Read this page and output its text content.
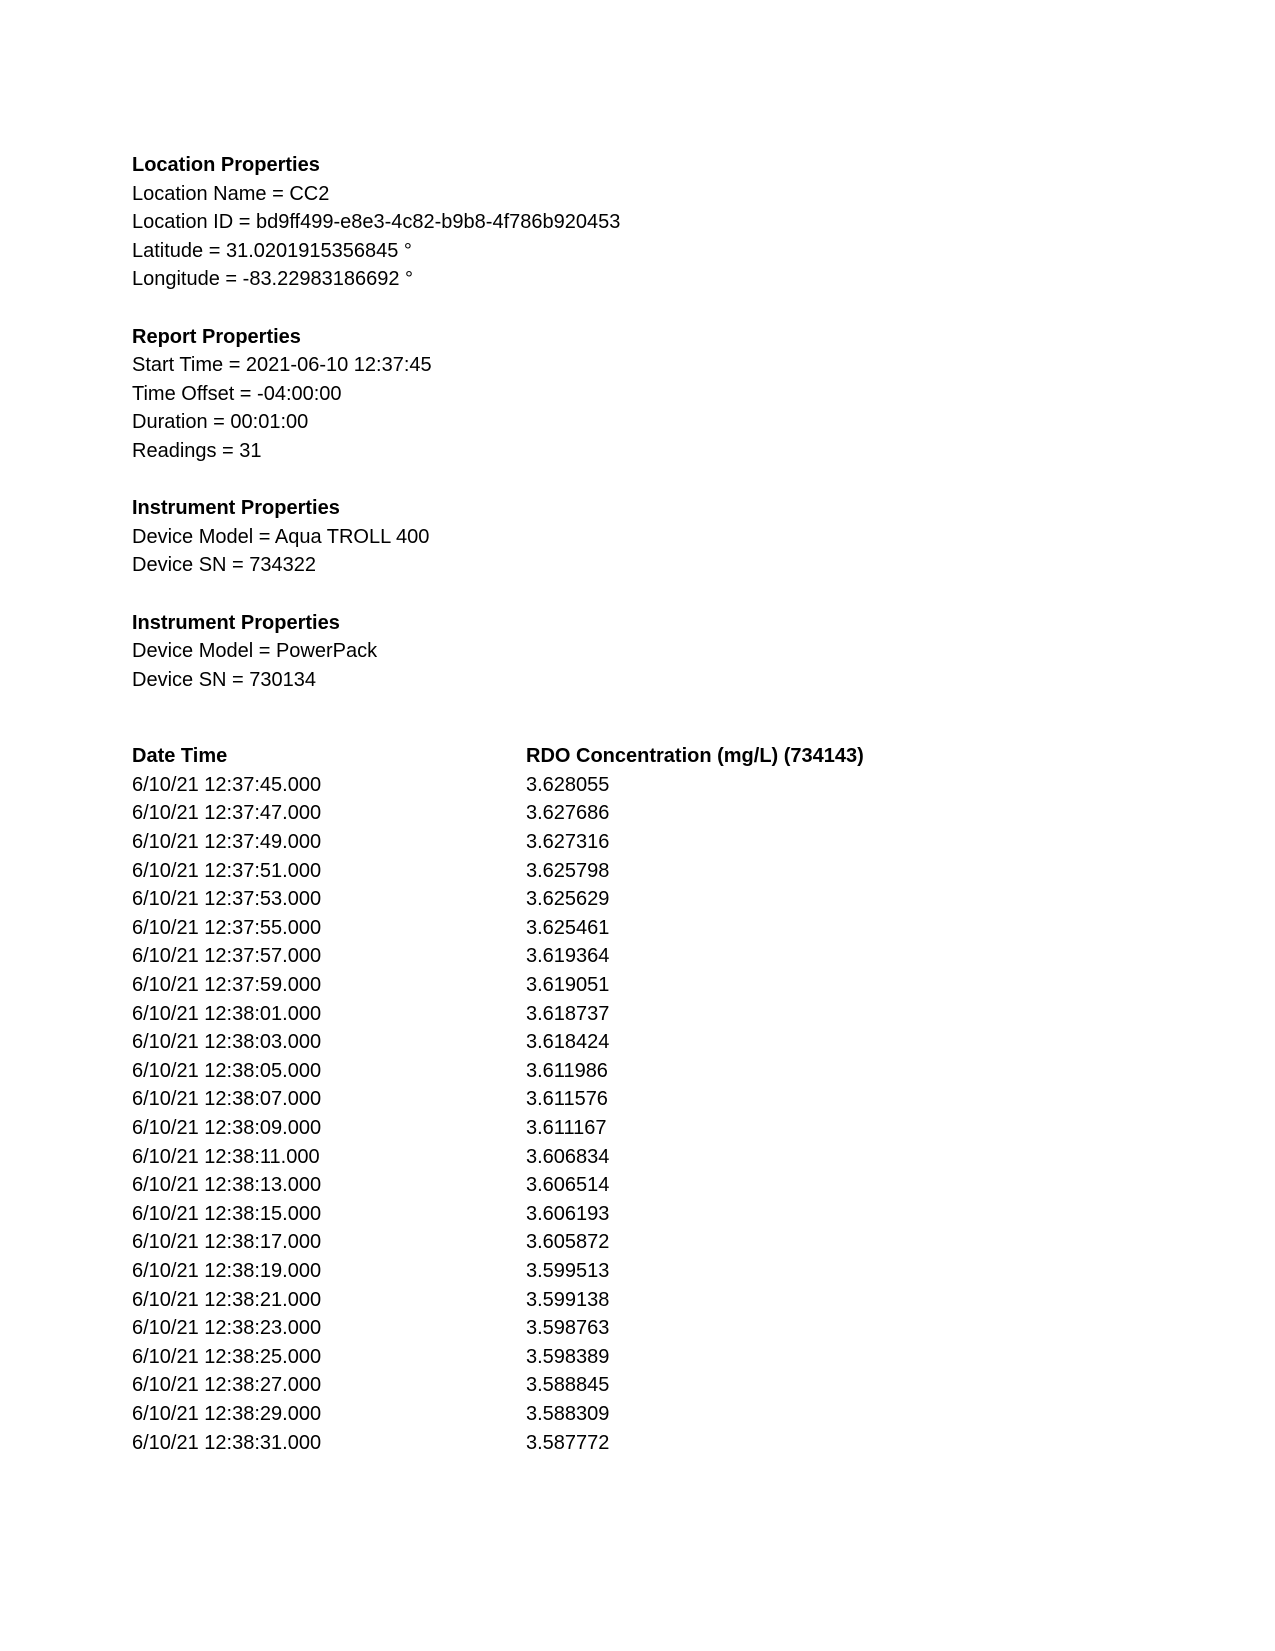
Location Properties
Location Name = CC2
Location ID = bd9ff499-e8e3-4c82-b9b8-4f786b920453
Latitude = 31.0201915356845 °
Longitude = -83.22983186692 °
Report Properties
Start Time = 2021-06-10 12:37:45
Time Offset = -04:00:00
Duration = 00:01:00
Readings = 31
Instrument Properties
Device Model = Aqua TROLL 400
Device SN = 734322
Instrument Properties
Device Model = PowerPack
Device SN = 730134
Date Time	RDO Concentration (mg/L) (734143)
6/10/21 12:37:45.000	3.628055
6/10/21 12:37:47.000	3.627686
6/10/21 12:37:49.000	3.627316
6/10/21 12:37:51.000	3.625798
6/10/21 12:37:53.000	3.625629
6/10/21 12:37:55.000	3.625461
6/10/21 12:37:57.000	3.619364
6/10/21 12:37:59.000	3.619051
6/10/21 12:38:01.000	3.618737
6/10/21 12:38:03.000	3.618424
6/10/21 12:38:05.000	3.611986
6/10/21 12:38:07.000	3.611576
6/10/21 12:38:09.000	3.611167
6/10/21 12:38:11.000	3.606834
6/10/21 12:38:13.000	3.606514
6/10/21 12:38:15.000	3.606193
6/10/21 12:38:17.000	3.605872
6/10/21 12:38:19.000	3.599513
6/10/21 12:38:21.000	3.599138
6/10/21 12:38:23.000	3.598763
6/10/21 12:38:25.000	3.598389
6/10/21 12:38:27.000	3.588845
6/10/21 12:38:29.000	3.588309
6/10/21 12:38:31.000	3.587772
